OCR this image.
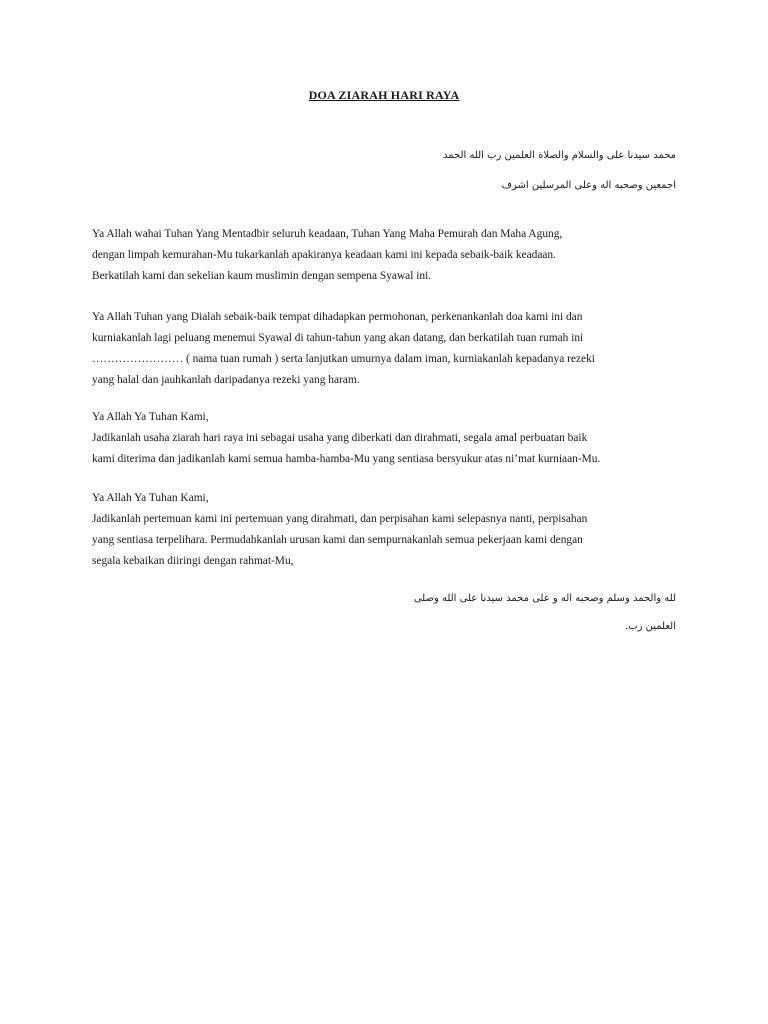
DOA ZIARAH HARI RAYA
محمد سيدنا على والسلام والصلاة العلمين رب الله الحمد
اجمعين وصحبه اله وعلى المرسلين اشرف
Ya Allah wahai Tuhan Yang Mentadbir seluruh keadaan, Tuhan Yang Maha Pemurah dan Maha Agung,
dengan limpah kemurahan-Mu tukarkanlah apakiranya keadaan kami ini kepada sebaik-baik keadaan.
Berkatilah kami dan sekelian kaum muslimin dengan sempena Syawal ini.
Ya Allah Tuhan yang Dialah sebaik-baik tempat dihadapkan permohonan, perkenankanlah doa kami ini dan
kurniakanlah lagi peluang menemui Syawal di tahun-tahun yang akan datang, dan berkatilah tuan rumah ini
…………………… ( nama tuan rumah ) serta lanjutkan umurnya dalam iman, kurniakanlah kepadanya rezeki
yang halal dan jauhkanlah daripadanya rezeki yang haram.
Ya Allah Ya Tuhan Kami,
Jadikanlah usaha ziarah hari raya ini sebagai usaha yang diberkati dan dirahmati, segala amal perbuatan baik
kami diterima dan jadikanlah kami semua hamba-hamba-Mu yang sentiasa bersyukur atas ni’mat kurniaan-Mu.
Ya Allah Ya Tuhan Kami,
Jadikanlah pertemuan kami ini pertemuan yang dirahmati, dan perpisahan kami selepasnya nanti, perpisahan
yang sentiasa terpelihara. Permudahkanlah urusan kami dan sempurnakanlah semua pekerjaan kami dengan
segala kebaikan diiringi dengan rahmat-Mu,
لله والحمد وسلم وصحبه اله و على محمد سيدنا على الله وصلى
العلمين رب.
